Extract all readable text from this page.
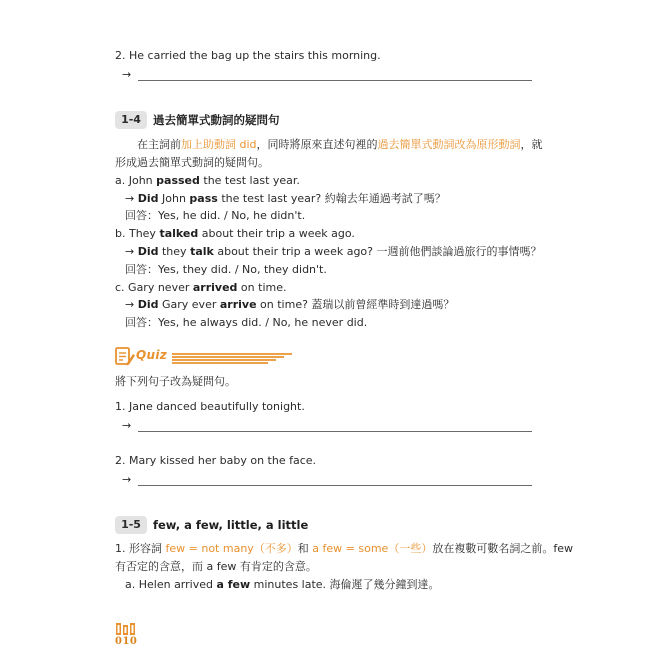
2. He carried the bag up the stairs this morning.
→
1-4	過去簡單式動詞的疑問句
在主詞前加上助動詞 did，同時將原來直述句裡的過去簡單式動詞改為原形動詞，就
形成過去簡單式動詞的疑問句。
a. John passed the test last year.
→ Did John pass the test last year? 約翰去年通過考試了嗎？
回答：Yes, he did. / No, he didn't.
b. They talked about their trip a week ago.
→ Did they talk about their trip a week ago? 一週前他們談論過旅行的事情嗎？
回答：Yes, they did. / No, they didn't.
c. Gary never arrived on time.
→ Did Gary ever arrive on time? 蓋瑞以前曾經準時到達過嗎？
回答：Yes, he always did. / No, he never did.
Quiz
將下列句子改為疑問句。
1. Jane danced beautifully tonight.
→
2. Mary kissed her baby on the face.
→
1-5	few, a few, little, a little
1. 形容詞 few = not many（不多）和 a few = some（一些）放在複數可數名詞之前。few
有否定的含意，而 a few 有肯定的含意。
a. Helen arrived a few minutes late. 海倫遲了幾分鐘到達。
010
